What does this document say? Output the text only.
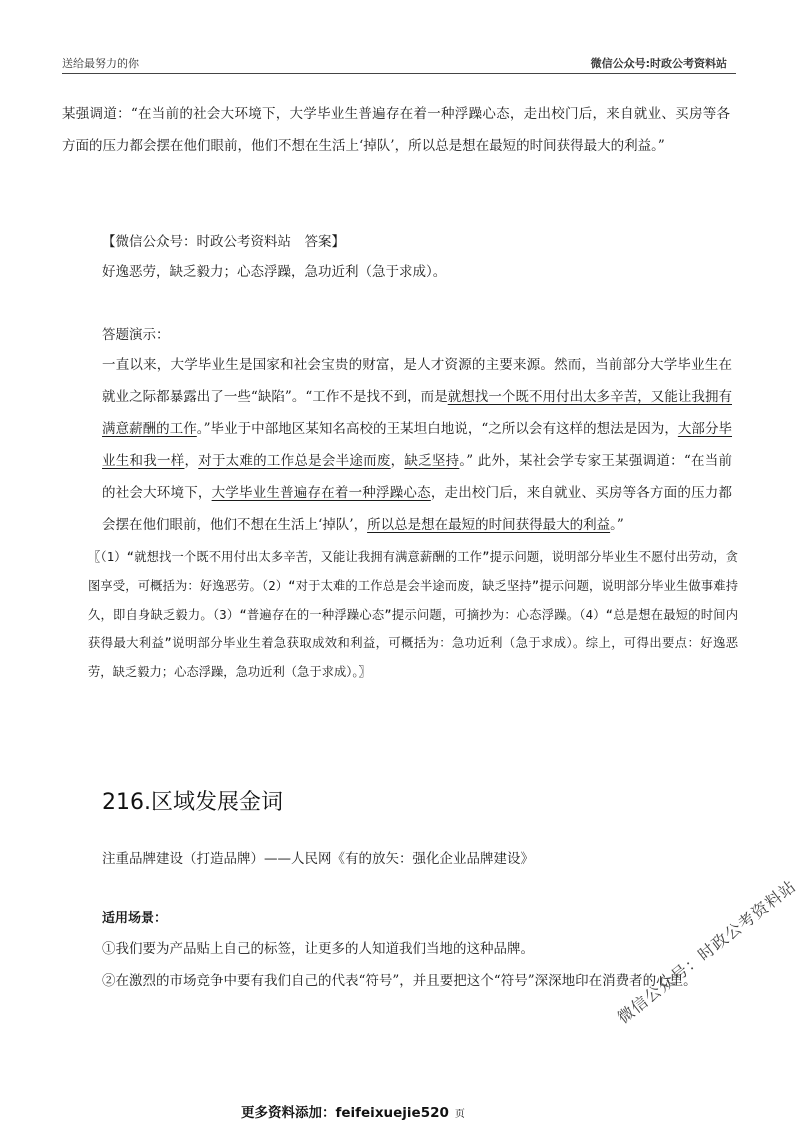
送给最努力的你	微信公众号:时政公考资料站

某强调道：“在当前的社会大环境下，大学毕业生普遍存在着一种浮躁心态，走出校门后，来自就业、买房等各方面的压力都会摆在他们眼前，他们不想在生活上‘掉队’，所以总是想在最短的时间获得最大的利益。”

【微信公众号：时政公考资料站　答案】

好逸恶劳，缺乏毅力；心态浮躁，急功近利（急于求成）。

答题演示：

一直以来，大学毕业生是国家和社会宝贵的财富，是人才资源的主要来源。然而，当前部分大学毕业生在就业之际都暴露出了一些“缺陷”。“工作不是找不到，而是就想找一个既不用付出太多辛苦，又能让我拥有满意薪酬的工作。”毕业于中部地区某知名高校的王某坦白地说，“之所以会有这样的想法是因为，大部分毕业生和我一样，对于太难的工作总是会半途而废，缺乏坚持。” 此外，某社会学专家王某强调道：“在当前的社会大环境下，大学毕业生普遍存在着一种浮躁心态，走出校门后，来自就业、买房等各方面的压力都会摆在他们眼前，他们不想在生活上‘掉队’，所以总是想在最短的时间获得最大的利益。”

〖（1）“就想找一个既不用付出太多辛苦，又能让我拥有满意薪酬的工作”提示问题，说明部分毕业生不愿付出劳动，贪图享受，可概括为：好逸恶劳。（2）“对于太难的工作总是会半途而废，缺乏坚持”提示问题，说明部分毕业生做事难持久，即自身缺乏毅力。（3）“普遍存在的一种浮躁心态”提示问题，可摘抄为：心态浮躁。（4）“总是想在最短的时间内获得最大利益”说明部分毕业生着急获取成效和利益，可概括为：急功近利（急于求成）。综上，可得出要点：好逸恶劳，缺乏毅力；心态浮躁，急功近利（急于求成）。〗

216.区域发展金词

注重品牌建设（打造品牌）——人民网《有的放矢：强化企业品牌建设》

适用场景：

①我们要为产品贴上自己的标签，让更多的人知道我们当地的这种品牌。

②在激烈的市场竞争中要有我们自己的代表“符号”，并且要把这个“符号”深深地印在消费者的心里。

微信公众号：时政公考资料站
更多资料添加：feifeixuejie520 页
